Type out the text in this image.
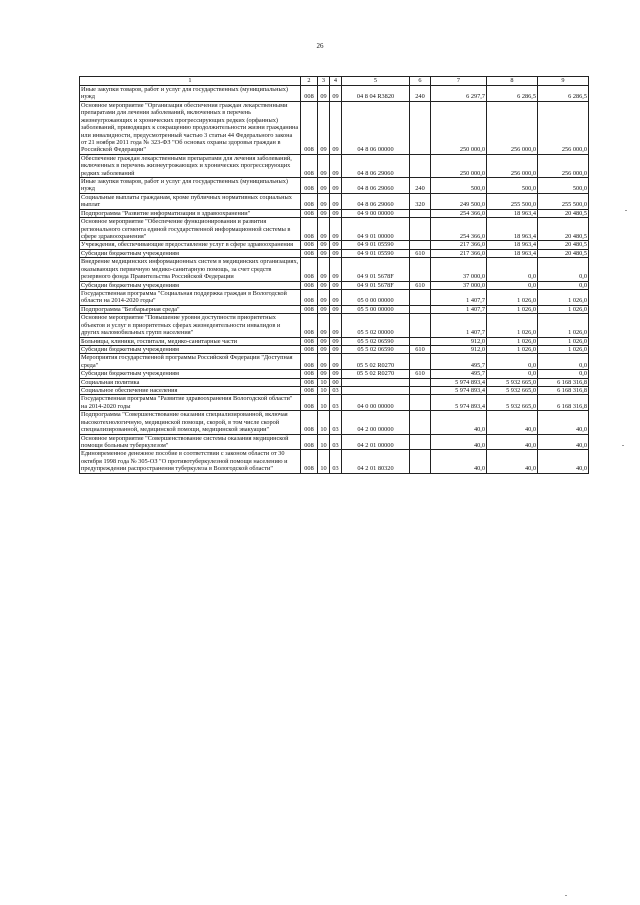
26
1	2	3	4	5	6	7	8	9
Иные закупки товаров, работ и услуг для государственных (муниципальных) нужд	008	09	09	04 8 04 R3820	240	6 297,7	6 286,5	6 286,5
Основное мероприятие "Организация обеспечения граждан лекарственными препаратами для лечения заболеваний, включенных в перечень жизнеугрожающих и хронических прогрессирующих редких (орфанных) заболеваний, приводящих к сокращению продолжительности жизни гражданина или инвалидности, предусмотренный частью 3 статьи 44 Федерального закона от 21 ноября 2011 года № 323-ФЗ "Об основах охраны здоровья граждан в Российской Федерации"	008	09	09	04 8 06 00000		250 000,0	256 000,0	256 000,0
Обеспечение граждан лекарственными препаратами для лечения заболеваний, включенных в перечень жизнеугрожающих и хронических прогрессирующих редких заболеваний	008	09	09	04 8 06 29060		250 000,0	256 000,0	256 000,0
Иные закупки товаров, работ и услуг для государственных (муниципальных) нужд	008	09	09	04 8 06 29060	240	500,0	500,0	500,0
Социальные выплаты гражданам, кроме публичных нормативных социальных выплат	008	09	09	04 8 06 29060	320	249 500,0	255 500,0	255 500,0
Подпрограмма "Развитие информатизации в здравоохранении"	008	09	09	04 9 00 00000		254 366,0	18 963,4	20 480,5
Основное мероприятие "Обеспечение функционирования и развития регионального сегмента единой государственной информационной системы в сфере здравоохранения"	008	09	09	04 9 01 00000		254 366,0	18 963,4	20 480,5
Учреждения, обеспечивающие предоставление услуг в сфере здравоохранения	008	09	09	04 9 01 05590		217 366,0	18 963,4	20 480,5
Субсидии бюджетным учреждениям	008	09	09	04 9 01 05590	610	217 366,0	18 963,4	20 480,5
Внедрение медицинских информационных систем в медицинских организациях, оказывающих первичную медико-санитарную помощь, за счет средств резервного фонда Правительства Российской Федерации	008	09	09	04 9 01 5678F		37 000,0	0,0	0,0
Субсидии бюджетным учреждениям	008	09	09	04 9 01 5678F	610	37 000,0	0,0	0,0
Государственная программа "Социальная поддержка граждан в Вологодской области на 2014-2020 годы"	008	09	09	05 0 00 00000		1 407,7	1 026,0	1 026,0
Подпрограмма "Безбарьерная среда"	008	09	09	05 5 00 00000		1 407,7	1 026,0	1 026,0
Основное мероприятие "Повышение уровня доступности приоритетных объектов и услуг в приоритетных сферах жизнедеятельности инвалидов и других маломобильных групп населения"	008	09	09	05 5 02 00000		1 407,7	1 026,0	1 026,0
Больницы, клиники, госпитали, медико-санитарные части	008	09	09	05 5 02 06590		912,0	1 026,0	1 026,0
Субсидии бюджетным учреждениям	008	09	09	05 5 02 06590	610	912,0	1 026,0	1 026,0
Мероприятия государственной программы Российской Федерации "Доступная среда"	008	09	09	05 5 02 R0270		495,7	0,0	0,0
Субсидии бюджетным учреждениям	008	09	09	05 5 02 R0270	610	495,7	0,0	0,0
Социальная политика	008	10	00			5 974 893,4	5 932 665,0	6 168 316,8
Социальное обеспечение населения	008	10	03			5 974 893,4	5 932 665,0	6 168 316,8
Государственная программа "Развитие здравоохранения Вологодской области" на 2014-2020 годы	008	10	03	04 0 00 00000		5 974 893,4	5 932 665,0	6 168 316,8
Подпрограмма "Совершенствование оказания специализированной, включая высокотехнологичную, медицинской помощи, скорой, в том числе скорой специализированной, медицинской помощи, медицинской эвакуации"	008	10	03	04 2 00 00000		40,0	40,0	40,0
Основное мероприятие "Совершенствование системы оказания медицинской помощи больным туберкулезом"	008	10	03	04 2 01 00000		40,0	40,0	40,0
Единовременное денежное пособие в соответствии с законом области от 30 октября 1998 года № 305-ОЗ "О противотуберкулезной помощи населению и предупреждении распространения туберкулеза в Вологодской области"	008	10	03	04 2 01 80320		40,0	40,0	40,0
